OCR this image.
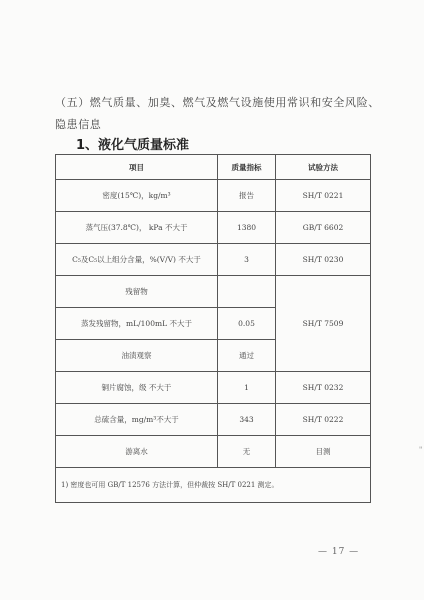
（五）燃气质量、加臭、燃气及燃气设施使用常识和安全风险、隐患信息
1、液化气质量标准
项目	质量指标	试验方法
密度(15℃)，kg/m³	报告	SH/T 0221
蒸气压(37.8℃)， kPa 不大于	1380	GB/T 6602
C₅及C₅以上组分含量，%(V/V) 不大于	3	SH/T 0230
残留物		SH/T 7509
蒸发残留物，mL/100mL 不大于	0.05	
油渍观察	通过	
铜片腐蚀，级 不大于	1	SH/T 0232
总硫含量，mg/m³不大于	343	SH/T 0222
游离水	无	目测
1) 密度也可用 GB/T 12576 方法计算，但仲裁按 SH/T 0221 测定。		
— 17 —
"
